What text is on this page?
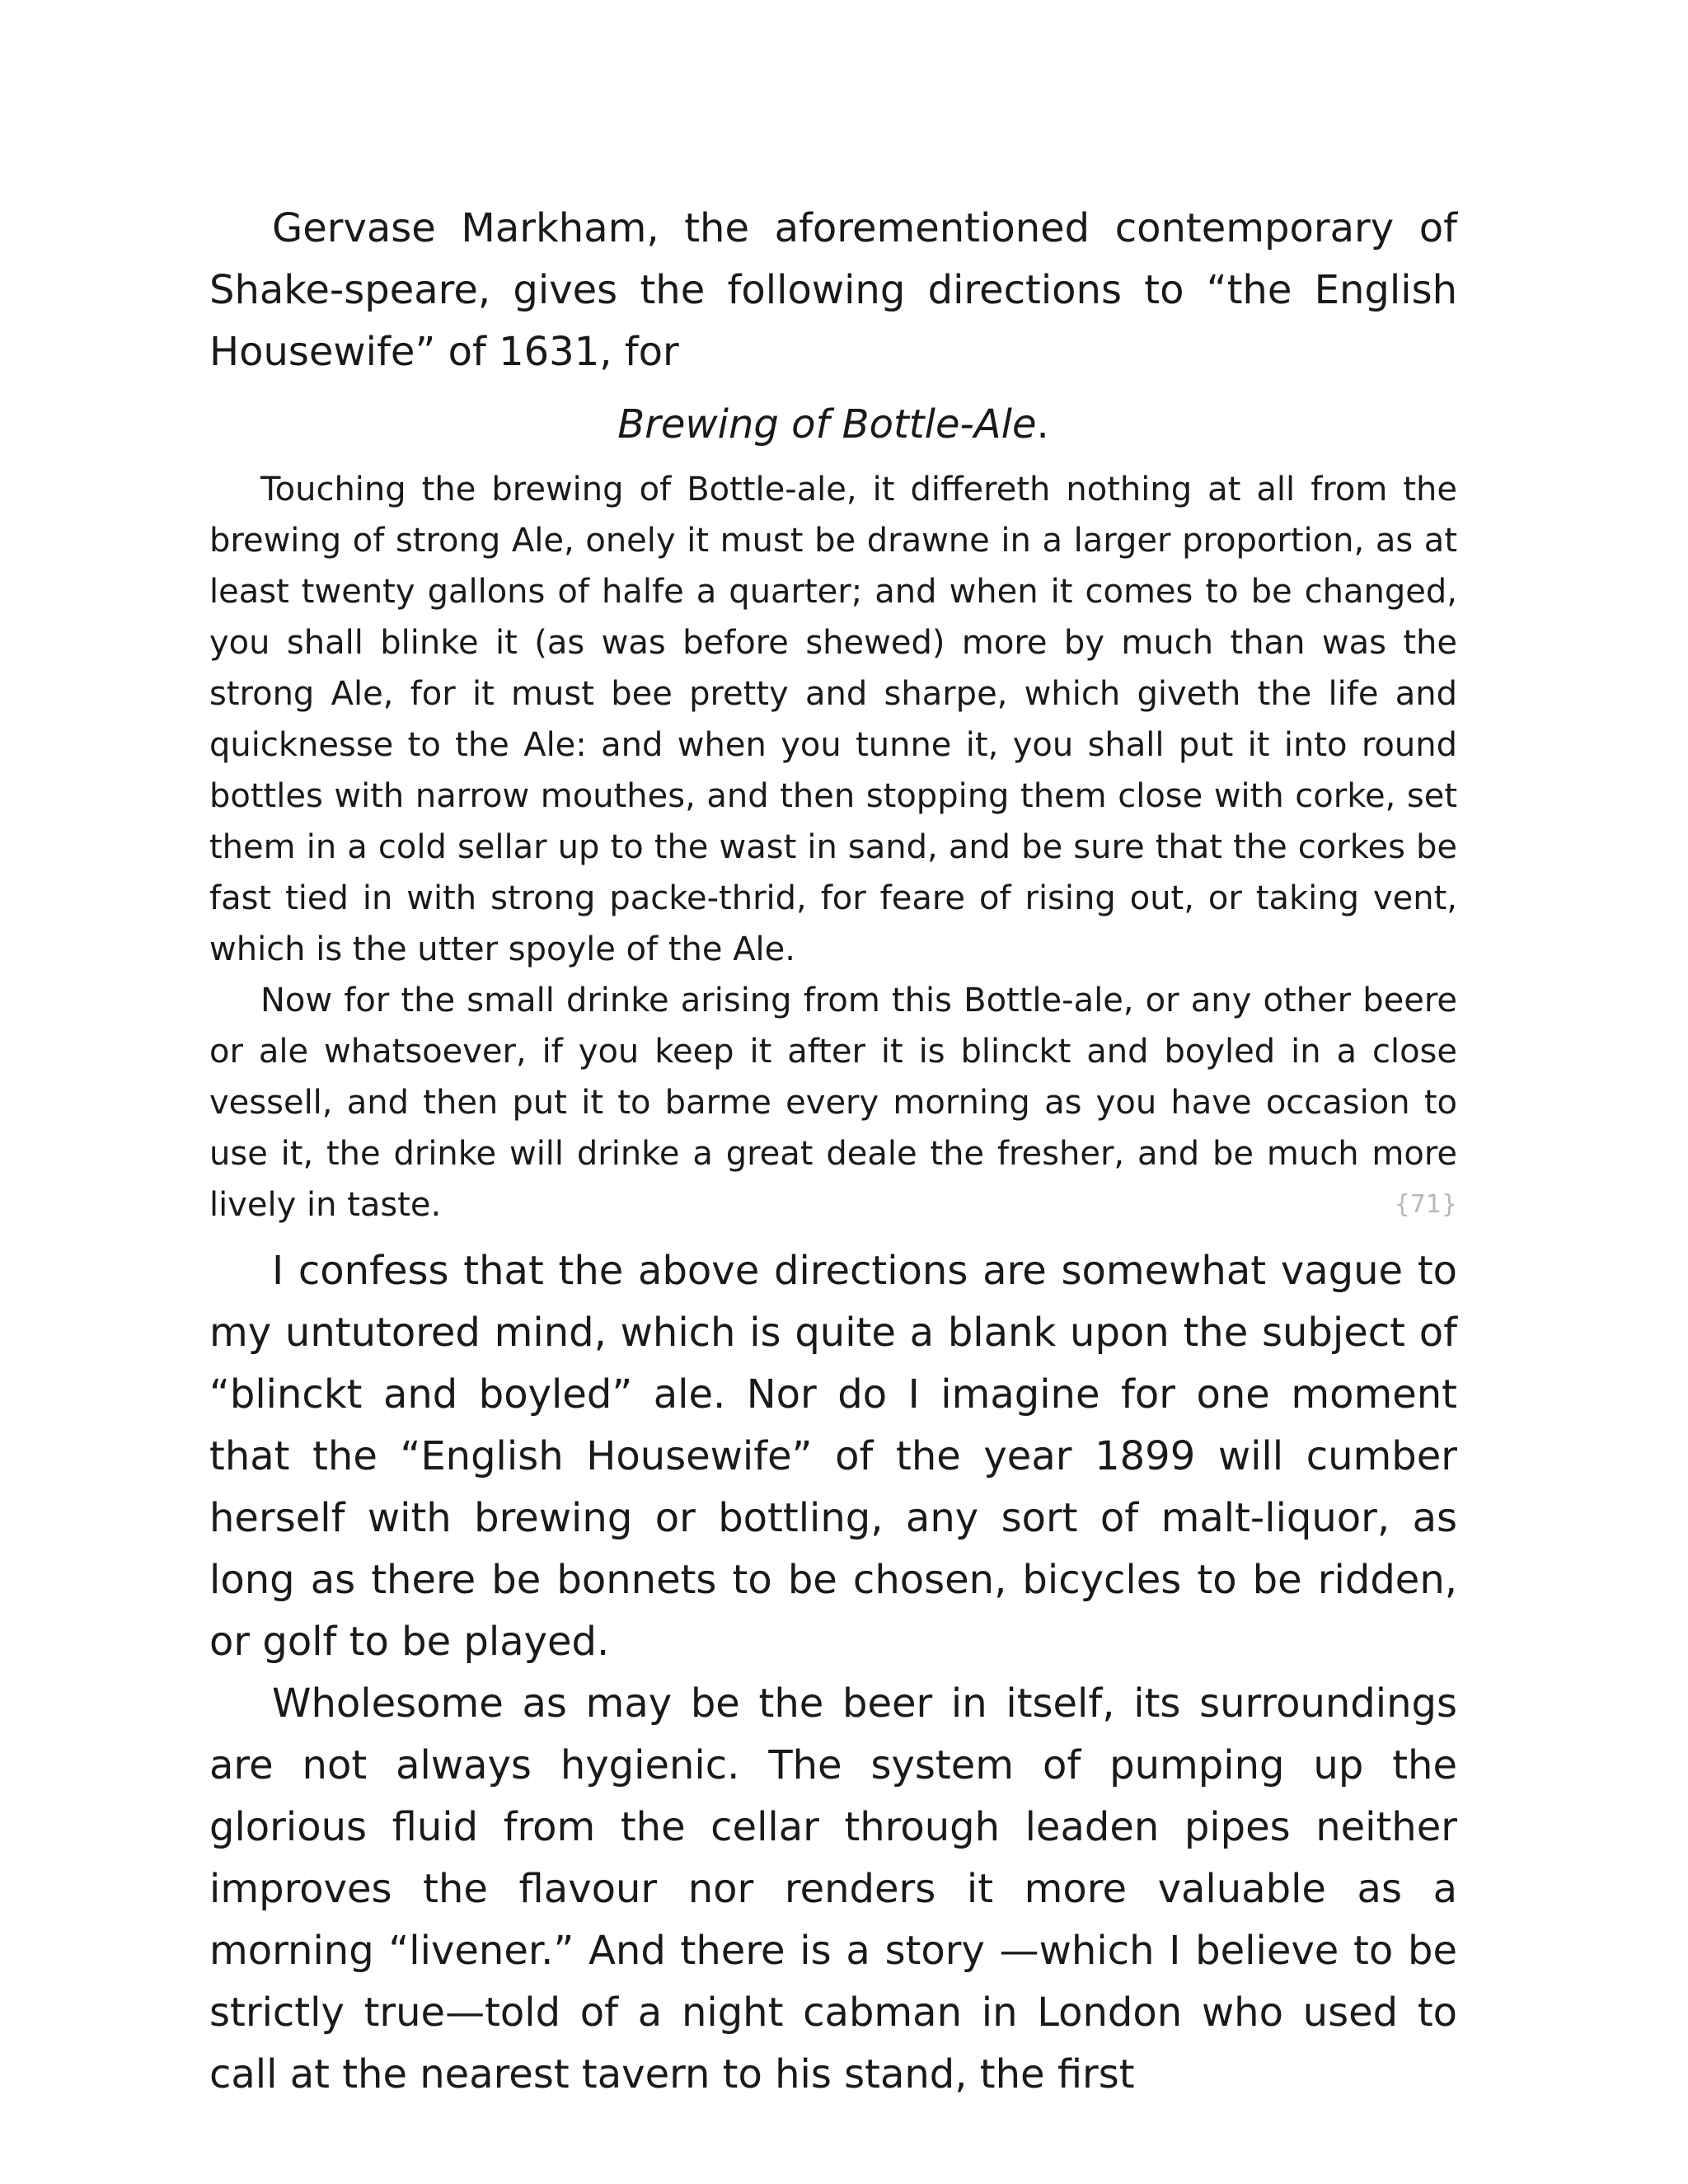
Gervase Markham, the aforementioned contemporary of Shake-speare, gives the following directions to “the English Housewife” of 1631, for

Brewing of Bottle-Ale.

Touching the brewing of Bottle-ale, it differeth nothing at all from the brewing of strong Ale, onely it must be drawne in a larger proportion, as at least twenty gallons of halfe a quarter; and when it comes to be changed, you shall blinke it (as was before shewed) more by much than was the strong Ale, for it must bee pretty and sharpe, which giveth the life and quicknesse to the Ale: and when you tunne it, you shall put it into round bottles with narrow mouthes, and then stopping them close with corke, set them in a cold sellar up to the wast in sand, and be sure that the corkes be fast tied in with strong packe-thrid, for feare of rising out, or taking vent, which is the utter spoyle of the Ale.

Now for the small drinke arising from this Bottle-ale, or any other beere or ale whatsoever, if you keep it after it is blinckt and boyled in a close vessell, and then put it to barme every morning as you have occasion to use it, the drinke will drinke a great deale the fresher, and be much more lively in taste.	{71}

I confess that the above directions are somewhat vague to my untutored mind, which is quite a blank upon the subject of “blinckt and boyled” ale. Nor do I imagine for one moment that the “English Housewife” of the year 1899 will cumber herself with brewing or bottling, any sort of malt-liquor, as long as there be bonnets to be chosen, bicycles to be ridden, or golf to be played.

Wholesome as may be the beer in itself, its surroundings are not always hygienic. The system of pumping up the glorious fluid from the cellar through leaden pipes neither improves the flavour nor renders it more valuable as a morning “livener.” And there is a story —which I believe to be strictly true—told of a night cabman in London who used to call at the nearest tavern to his stand, the first
